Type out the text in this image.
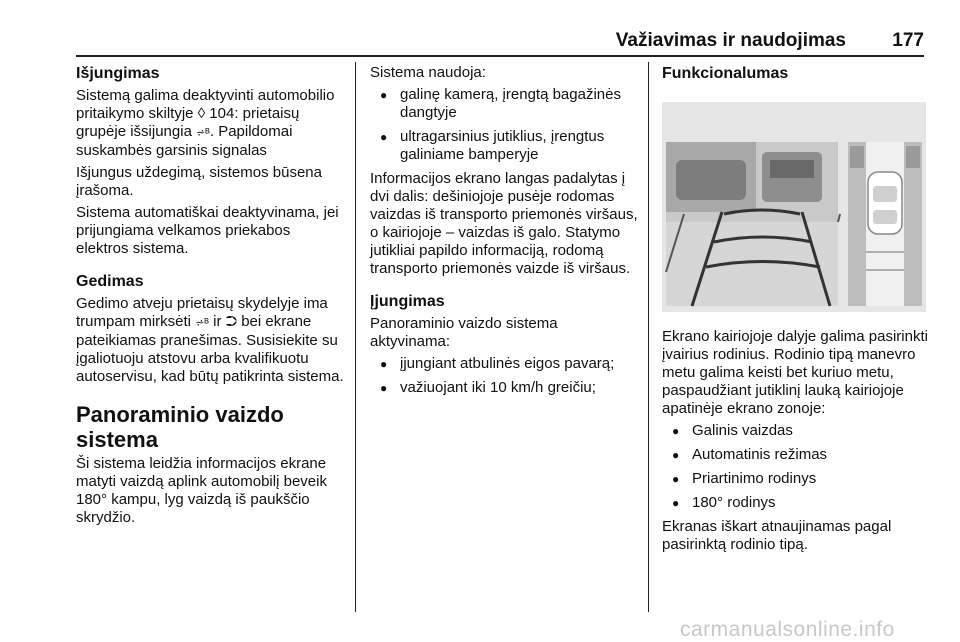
Važiavimas ir naudojimas 177
Išjungimas

Sistemą galima deaktyvinti automobilio pritaikymo skiltyje ◊ 104: prietaisų grupėje išsijungia ⩫ᴮ. Papildomai suskambės garsinis signalas

Išjungus uždegimą, sistemos būsena įrašoma.

Sistema automatiškai deaktyvinama, jei prijungiama velkamos priekabos elektros sistema.

Gedimas

Gedimo atveju prietaisų skydelyje ima trumpam mirksėti ⩫ᴮ ir ⮊ bei ekrane pateikiamas pranešimas. Susisiekite su įgaliotuoju atstovu arba kvalifikuotu autoservisu, kad būtų patikrinta sistema.

Panoraminio vaizdo sistema

Ši sistema leidžia informacijos ekrane matyti vaizdą aplink automobilį beveik 180° kampu, lyg vaizdą iš paukščio skrydžio.

Sistema naudoja:

● galinę kamerą, įrengtą bagažinės dangtyje
● ultragarsinius jutiklius, įrengtus galiniame bamperyje

Informacijos ekrano langas padalytas į dvi dalis: dešiniojoje pusėje rodomas vaizdas iš transporto priemonės viršaus, o kairiojoje – vaizdas iš galo. Statymo jutikliai papildo informaciją, rodomą transporto priemonės vaizde iš viršaus.

Įjungimas

Panoraminio vaizdo sistema aktyvinama:

● įjungiant atbulinės eigos pavarą;
● važiuojant iki 10 km/h greičiu;
Funkcionalumas

Ekrano kairiojoje dalyje galima pasirinkti įvairius rodinius. Rodinio tipą manevro metu galima keisti bet kuriuo metu, paspaudžiant jutiklinį lauką kairiojoje apatinėje ekrano zonoje:

● Galinis vaizdas
● Automatinis režimas
● Priartinimo rodinys
● 180° rodinys

Ekranas iškart atnaujinamas pagal pasirinktą rodinio tipą.

carmanualsonline.info
